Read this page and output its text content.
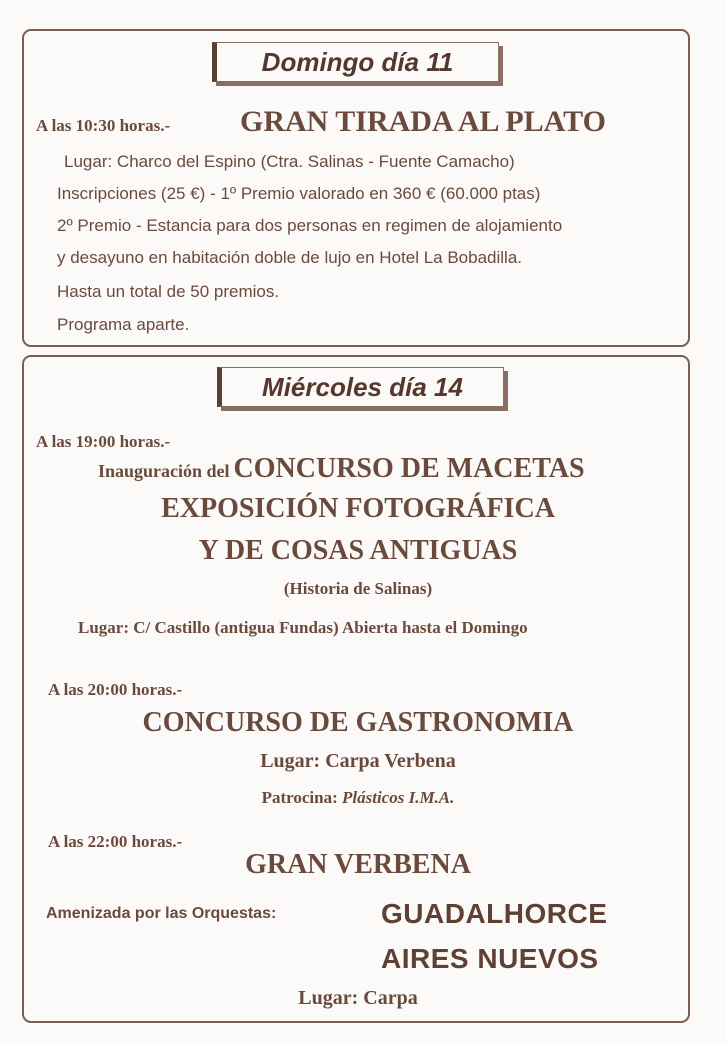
Domingo día 11
A las 10:30 horas.- GRAN TIRADA AL PLATO
Lugar: Charco del Espino (Ctra. Salinas - Fuente Camacho)
Inscripciones (25 €) - 1º Premio valorado en 360 € (60.000 ptas)
2º Premio - Estancia para dos personas en regimen de alojamiento
y desayuno en habitación doble de lujo en Hotel La Bobadilla.
Hasta un total de 50 premios.
Programa aparte.
Miércoles día 14
A las 19:00 horas.-
Inauguración del CONCURSO DE MACETAS
EXPOSICIÓN FOTOGRÁFICA
Y DE COSAS ANTIGUAS
(Historia de Salinas)
Lugar: C/ Castillo (antigua Fundas) Abierta hasta el Domingo
A las 20:00 horas.-
CONCURSO DE GASTRONOMIA
Lugar: Carpa Verbena
Patrocina: Plásticos I.M.A.
A las 22:00 horas.-
GRAN VERBENA
Amenizada por las Orquestas:	GUADALHORCE
AIRES NUEVOS
Lugar: Carpa
